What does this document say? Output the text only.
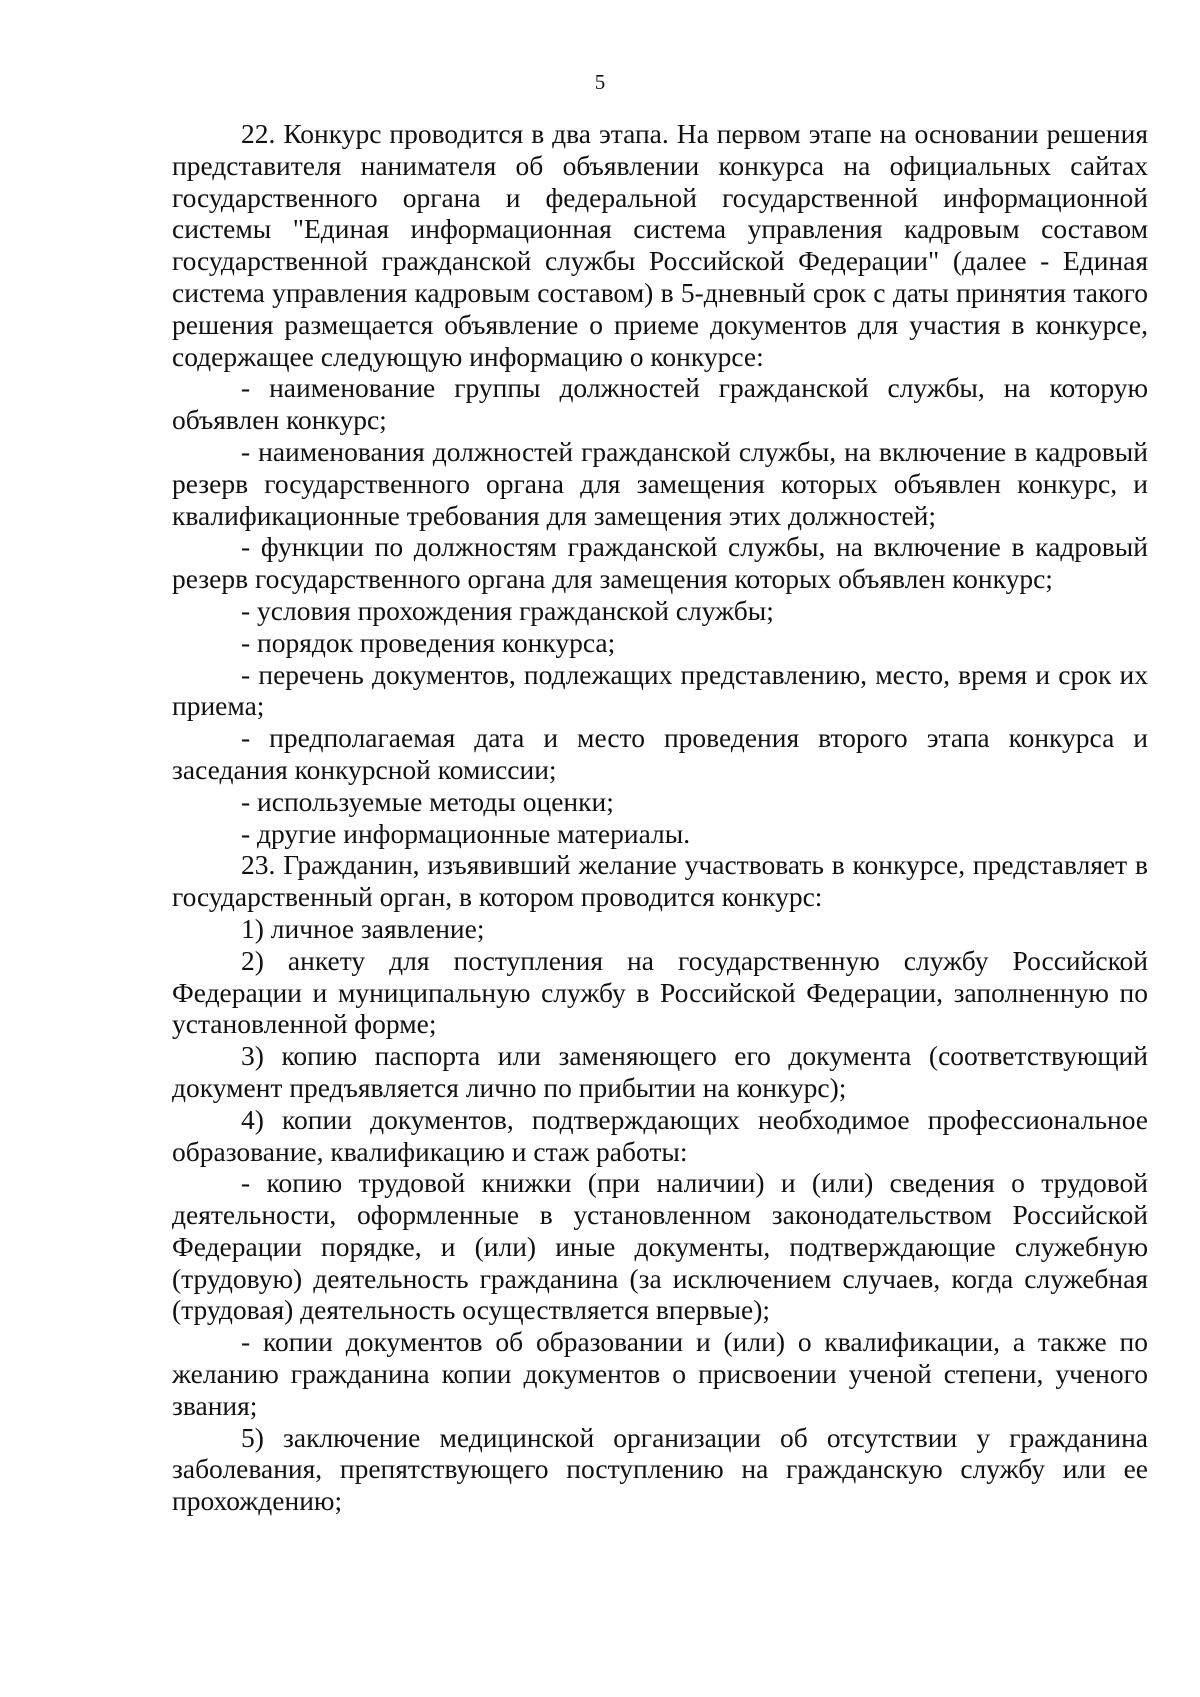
5

22. Конкурс проводится в два этапа. На первом этапе на основании решения представителя нанимателя об объявлении конкурса на официальных сайтах государственного органа и федеральной государственной информационной системы "Единая информационная система управления кадровым составом государственной гражданской службы Российской Федерации" (далее - Единая система управления кадровым составом) в 5-дневный срок с даты принятия такого решения размещается объявление о приеме документов для участия в конкурсе, содержащее следующую информацию о конкурсе:

- наименование группы должностей гражданской службы, на которую объявлен конкурс;

- наименования должностей гражданской службы, на включение в кадровый резерв государственного органа для замещения которых объявлен конкурс, и квалификационные требования для замещения этих должностей;

- функции по должностям гражданской службы, на включение в кадровый резерв государственного органа для замещения которых объявлен конкурс;

- условия прохождения гражданской службы;

- порядок проведения конкурса;

- перечень документов, подлежащих представлению, место, время и срок их приема;

- предполагаемая дата и место проведения второго этапа конкурса и заседания конкурсной комиссии;

- используемые методы оценки;

- другие информационные материалы.

23. Гражданин, изъявивший желание участвовать в конкурсе, представляет в государственный орган, в котором проводится конкурс:

1) личное заявление;

2) анкету для поступления на государственную службу Российской Федерации и муниципальную службу в Российской Федерации, заполненную по установленной форме;

3) копию паспорта или заменяющего его документа (соответствующий документ предъявляется лично по прибытии на конкурс);

4) копии документов, подтверждающих необходимое профессиональное образование, квалификацию и стаж работы:

- копию трудовой книжки (при наличии) и (или) сведения о трудовой деятельности, оформленные в установленном законодательством Российской Федерации порядке, и (или) иные документы, подтверждающие служебную (трудовую) деятельность гражданина (за исключением случаев, когда служебная (трудовая) деятельность осуществляется впервые);

- копии документов об образовании и (или) о квалификации, а также по желанию гражданина копии документов о присвоении ученой степени, ученого звания;

5) заключение медицинской организации об отсутствии у гражданина заболевания, препятствующего поступлению на гражданскую службу или ее прохождению;
